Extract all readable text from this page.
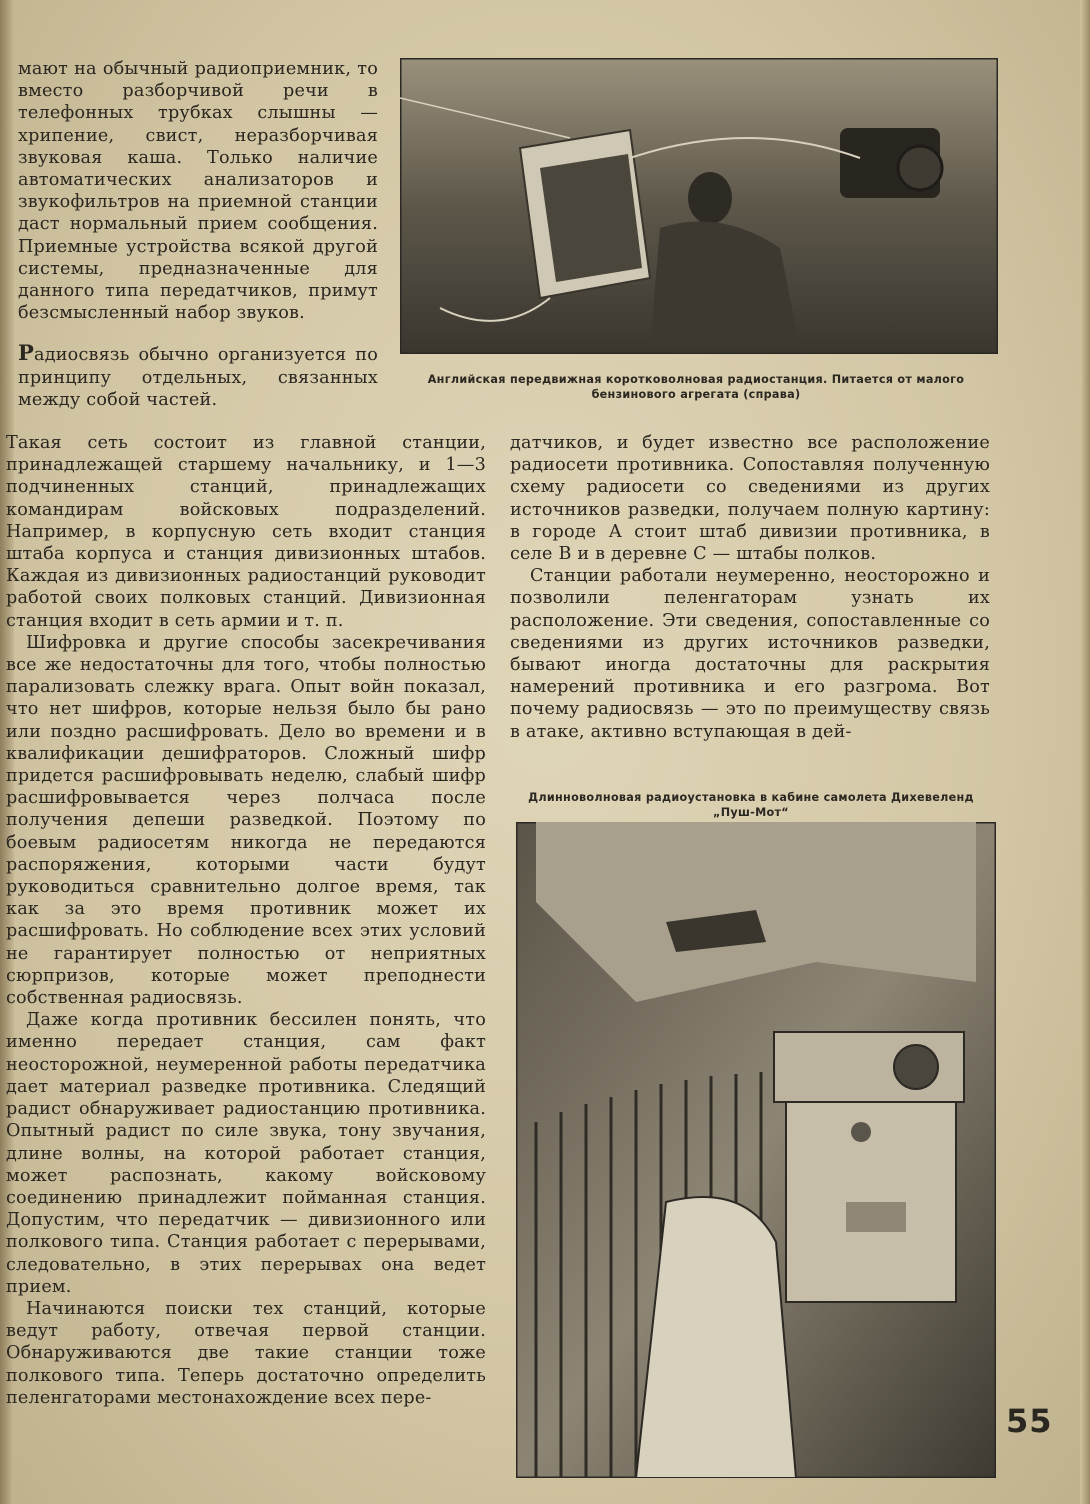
мают на обычный радиоприемник, то вместо разборчивой речи в телефонных трубках слышны — хрипение, свист, неразборчивая звуковая каша. Только наличие автоматических анализаторов и звукофильтров на приемной станции даст нормальный прием сообщения. Приемные устройства всякой другой системы, предназначенные для данного типа передатчиков, примут безсмысленный набор звуков.

Радиосвязь обычно организуется по принципу отдельных, связанных между собой частей.

Английская передвижная коротковолновая радиостанция. Питается от малого
бензинового агрегата (справа)

Такая сеть состоит из главной станции, принадлежащей старшему начальнику, и 1—3 подчиненных станций, принадлежащих командирам войсковых подразделений. Например, в корпусную сеть входит станция штаба корпуса и станция дивизионных штабов. Каждая из дивизионных радиостанций руководит работой своих полковых станций. Дивизионная станция входит в сеть армии и т. п.

Шифровка и другие способы засекречивания все же недостаточны для того, чтобы полностью парализовать слежку врага. Опыт войн показал, что нет шифров, которые нельзя было бы рано или поздно расшифровать. Дело во времени и в квалификации дешифраторов. Сложный шифр придется расшифровывать неделю, слабый шифр расшифровывается через полчаса после получения депеши разведкой. Поэтому по боевым радиосетям никогда не передаются распоряжения, которыми части будут руководиться сравнительно долгое время, так как за это время противник может их расшифровать. Но соблюдение всех этих условий не гарантирует полностью от неприятных сюрпризов, которые может преподнести собственная радиосвязь.

Даже когда противник бессилен понять, что именно передает станция, сам факт неосторожной, неумеренной работы передатчика дает материал разведке противника. Следящий радист обнаруживает радиостанцию противника. Опытный радист по силе звука, тону звучания, длине волны, на которой работает станция, может распознать, какому войсковому соединению принадлежит пойманная станция. Допустим, что передатчик — дивизионного или полкового типа. Станция работает с перерывами, следовательно, в этих перерывах она ведет прием.

Начинаются поиски тех станций, которые ведут работу, отвечая первой станции. Обнаруживаются две такие станции тоже полкового типа. Теперь достаточно определить пеленгаторами местонахождение всех пере-

датчиков, и будет известно все расположение радиосети противника. Сопоставляя полученную схему радиосети со сведениями из других источников разведки, получаем полную картину: в городе А стоит штаб дивизии противника, в селе В и в деревне С — штабы полков.

Станции работали неумеренно, неосторожно и позволили пеленгаторам узнать их расположение. Эти сведения, сопоставленные со сведениями из других источников разведки, бывают иногда достаточны для раскрытия намерений противника и его разгрома. Вот почему радиосвязь — это по преимуществу связь в атаке, активно вступающая в дей-

Длинноволновая радиоустановка в кабине самолета Дихевеленд
„Пуш-Мот“
55
